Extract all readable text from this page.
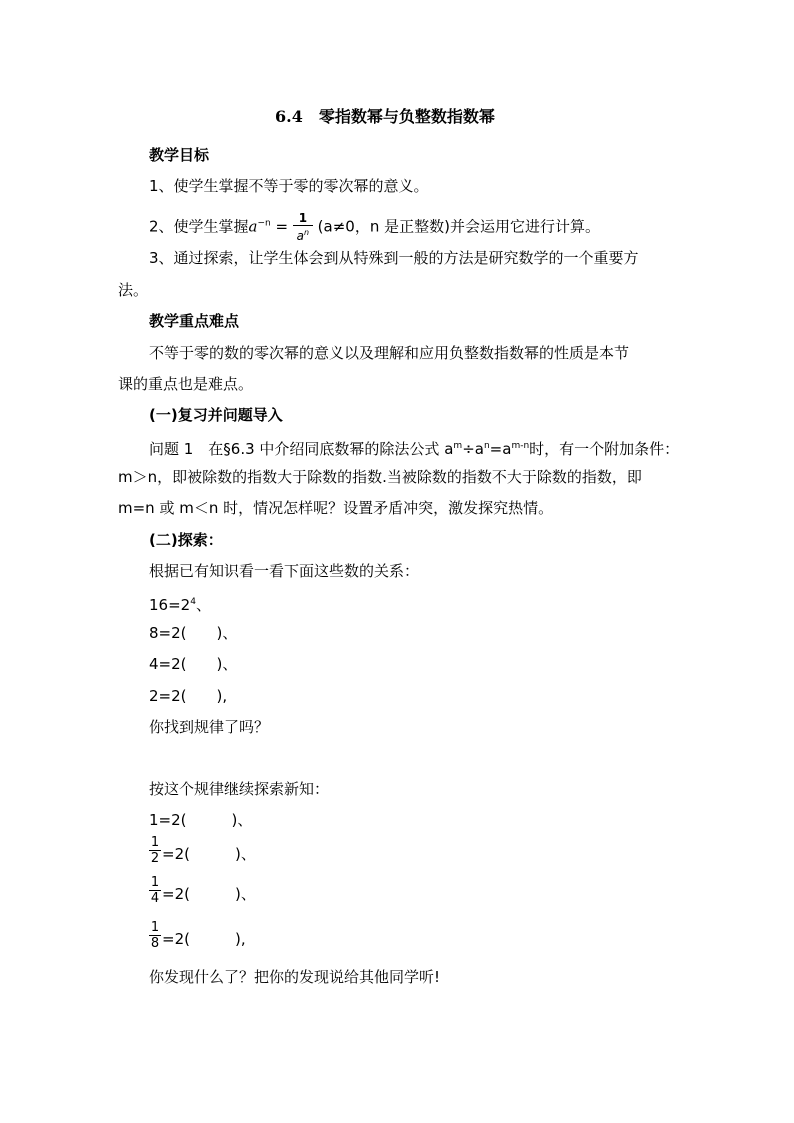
6.4　零指数幂与负整数指数幂
教学目标
1、使学生掌握不等于零的零次幂的意义。
2、使学生掌握$a^{-n} = \frac{1}{a^n} (a\ne 0$，n 是正整数)并会运用它进行计算。
3、通过探索，让学生体会到从特殊到一般的方法是研究数学的一个重要方
法。
教学重点难点
不等于零的数的零次幂的意义以及理解和应用负整数指数幂的性质是本节
课的重点也是难点。
(一)复习并问题导入
问题 1　在§6.3 中介绍同底数幂的除法公式 $a^m\div a^n=a^{m-n}$时，有一个附加条件：
m＞n，即被除数的指数大于除数的指数.当被除数的指数不大于除数的指数，即
m=n 或 m＜n 时，情况怎样呢？设置矛盾冲突，激发探究热情。
(二)探索：
根据已有知识看一看下面这些数的关系：
$16=2^4$、
8=2(　　)、
4=2(　　)、
2=2(　　),
你找到规律了吗？
按这个规律继续探索新知：
1=2(　　　)、
1
2 =2(　　　)、
1
4 =2(　　　)、
1
8 =2(　　　),
你发现什么了？把你的发现说给其他同学听!
